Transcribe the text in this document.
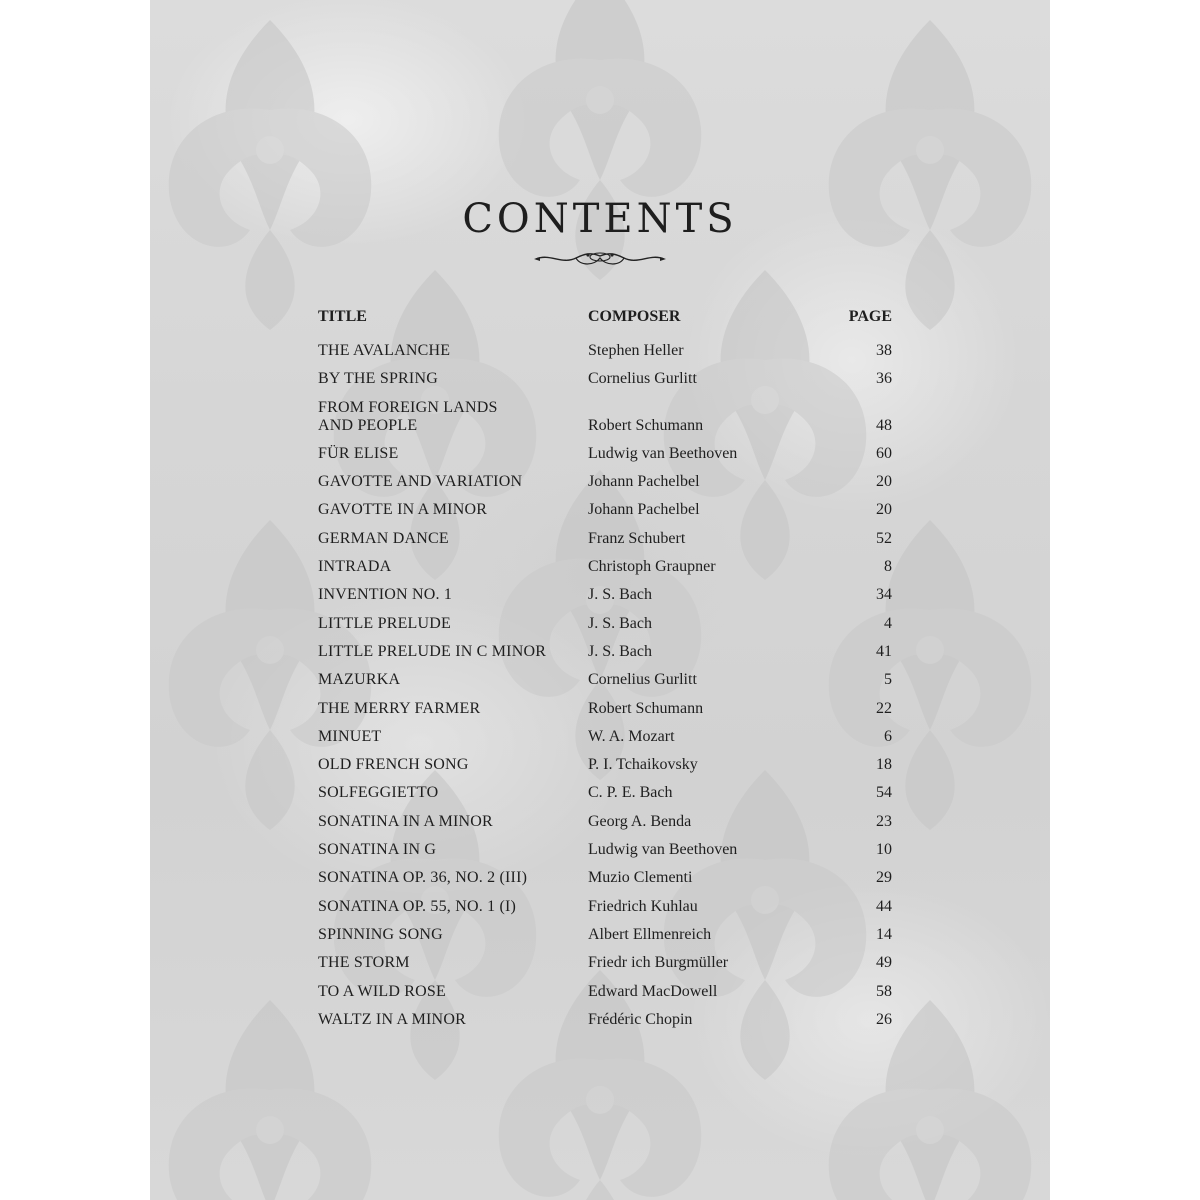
CONTENTS
TITLE	COMPOSER	PAGE
THE AVALANCHE	Stephen Heller	38
BY THE SPRING	Cornelius Gurlitt	36
FROM FOREIGN LANDS
AND PEOPLE	Robert Schumann	48
FÜR ELISE	Ludwig van Beethoven	60
GAVOTTE AND VARIATION	Johann Pachelbel	20
GAVOTTE IN A MINOR	Johann Pachelbel	20
GERMAN DANCE	Franz Schubert	52
INTRADA	Christoph Graupner	8
INVENTION NO. 1	J. S. Bach	34
LITTLE PRELUDE	J. S. Bach	4
LITTLE PRELUDE IN C MINOR	J. S. Bach	41
MAZURKA	Cornelius Gurlitt	5
THE MERRY FARMER	Robert Schumann	22
MINUET	W. A. Mozart	6
OLD FRENCH SONG	P. I. Tchaikovsky	18
SOLFEGGIETTO	C. P. E. Bach	54
SONATINA IN A MINOR	Georg A. Benda	23
SONATINA IN G	Ludwig van Beethoven	10
SONATINA OP. 36, NO. 2 (III)	Muzio Clementi	29
SONATINA OP. 55, NO. 1 (I)	Friedrich Kuhlau	44
SPINNING SONG	Albert Ellmenreich	14
THE STORM	Friedr ich Burgmüller	49
TO A WILD ROSE	Edward MacDowell	58
WALTZ IN A MINOR	Frédéric Chopin	26
